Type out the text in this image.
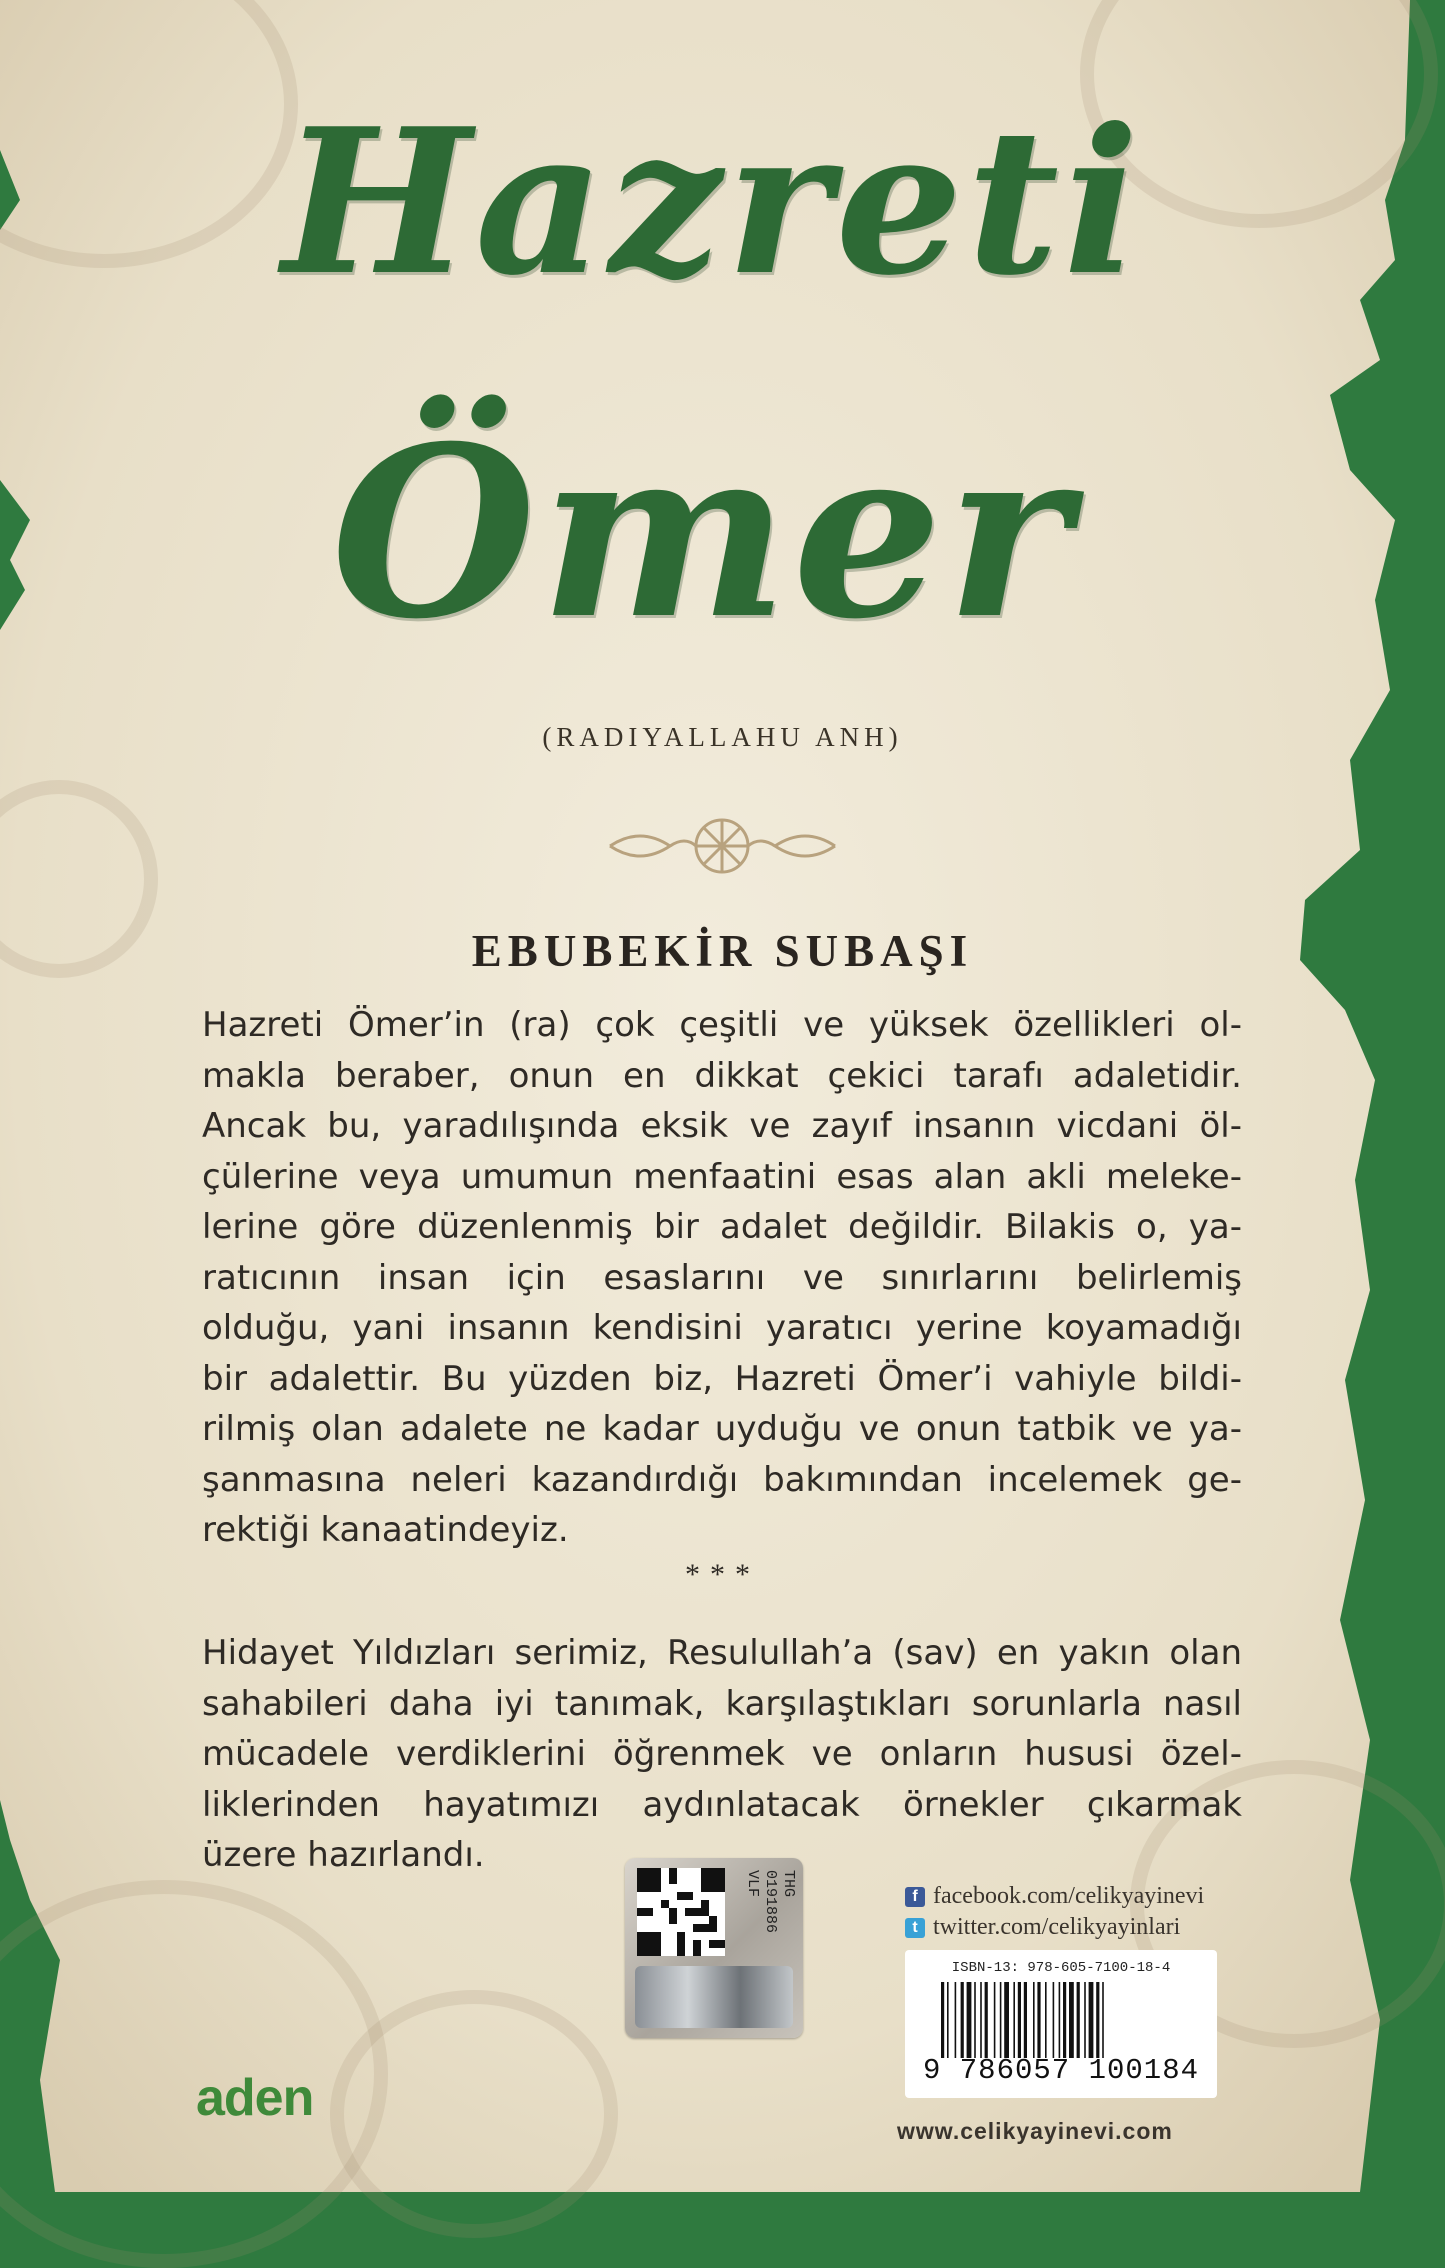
Hazreti
Ömer
(RADIYALLAHU ANH)
EBUBEKİR SUBAŞI
Hazreti Ömer’in (ra) çok çeşitli ve yüksek özellikleri ol-
makla beraber, onun en dikkat çekici tarafı adaletidir.
Ancak bu, yaradılışında eksik ve zayıf insanın vicdani öl-
çülerine veya umumun menfaatini esas alan akli meleke-
lerine göre düzenlenmiş bir adalet değildir. Bilakis o, ya-
ratıcının insan için esaslarını ve sınırlarını belirlemiş
olduğu, yani insanın kendisini yaratıcı yerine koyamadığı
bir adalettir. Bu yüzden biz, Hazreti Ömer’i vahiyle bildi-
rilmiş olan adalete ne kadar uyduğu ve onun tatbik ve ya-
şanmasına neleri kazandırdığı bakımından incelemek ge-
rektiği kanaatindeyiz.
***
Hidayet Yıldızları serimiz, Resulullah’a (sav) en yakın olan
sahabileri daha iyi tanımak, karşılaştıkları sorunlarla nasıl
mücadele verdiklerini öğrenmek ve onların hususi özel-
liklerinden hayatımızı aydınlatacak örnekler çıkarmak
üzere hazırlandı.
THG 0191886 VLF	f facebook.com/celikyayinevi
t twitter.com/celikyayinlari
ISBN-13: 978-605-7100-18-4
9 786057 100184
www.celikyayinevi.com
aden
